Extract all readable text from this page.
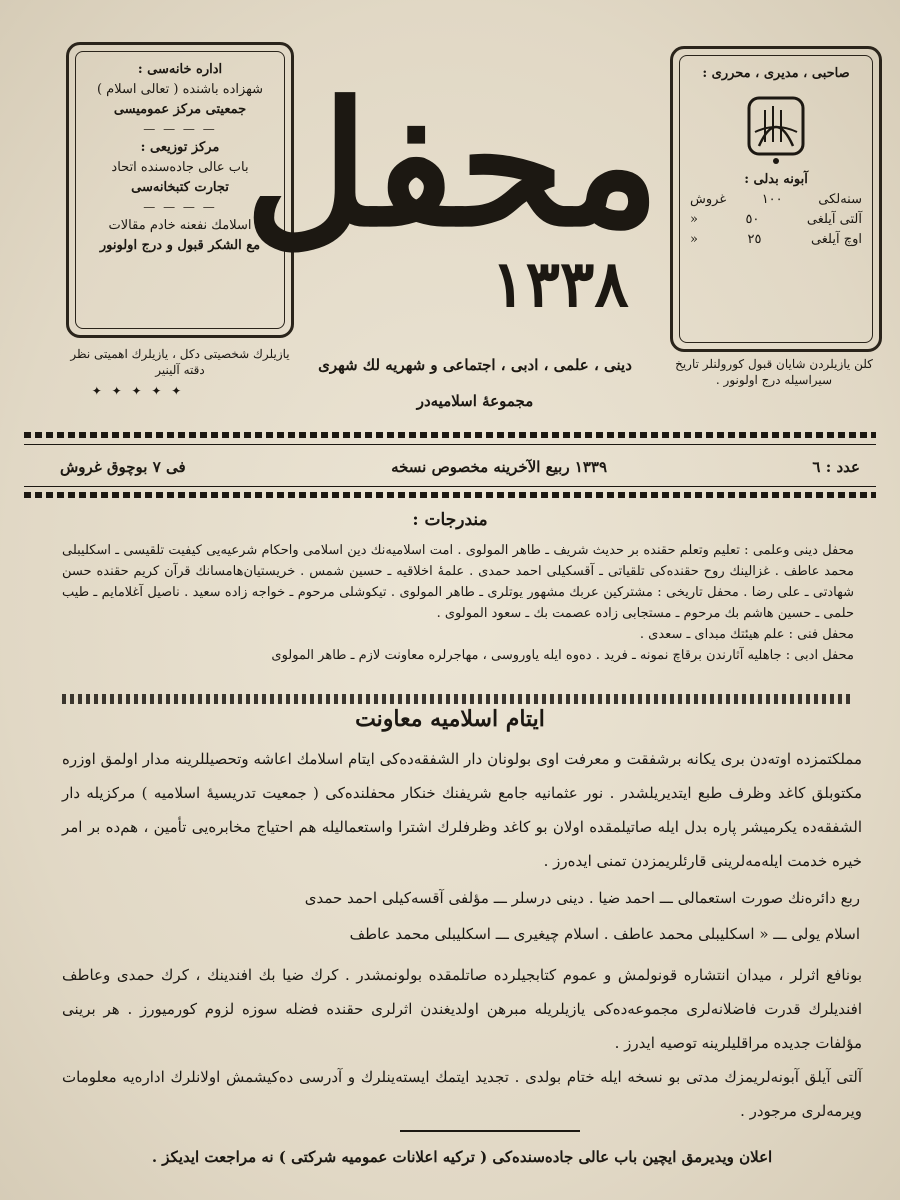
اداره خانه‌سی :

شهزاده باشنده ( تعالی اسلام )

جمعیتی مرکز عمومیسی

— — — —

مرکز توزیعی :

باب عالی جاده‌سنده اتحاد

تجارت کتبخانه‌سی

— — — —

اسلامك نفعنه خادم مقالات

مع الشکر قبول و درج اولونور

محفل
١٣٣٨

صاحبی ، مدیری ، محرری :

آبونه بدلی :

سنه‌لکی
١٠٠
غروش
آلتی آیلغی
٥٠
«
اوچ آیلغی
٢٥
«
یازیلرك شخصیتی دکل ، یازیلرك اهمیتی نظر دقته آلینیر
✦ ✦ ✦ ✦ ✦
کلن یازیلردن شایان قبول کورولنلر تاریخ سیراسیله درج اولونور .
دینی ، علمی ، ادبی ، اجتماعی و شهریه لك شهری
مجموعهٔ اسلامیه‌در
فی ٧ بوچوق غروش	١٣٣٩ ربیع الآخرینه مخصوص نسخه	عدد : ٦
مندرجات :

محفل دینی وعلمی : تعلیم وتعلم حقنده بر حدیث شریف ـ طاهر المولوی . امت اسلامیه‌نك دین اسلامی واحکام شرعیه‌یی کیفیت تلقیسی ـ اسکلیبلی محمد عاطف . غزالینك روح حقنده‌کی تلقیاتی ـ آقسکیلی احمد حمدی . علمهٔ اخلاقیه ـ حسین شمس . خریستیان‌هامسانك قرآن کریم حقنده حسن شهادتی ـ علی رضا . محفل تاریخی : مشترکین عربك مشهور یوتلری ـ طاهر المولوی . تیکوشلی مرحوم ـ خواجه زاده سعید . ناصیل آغلامایم ـ طیب حلمی ـ حسین هاشم بك مرحوم ـ مستجابی زاده عصمت بك ـ سعود المولوی .

محفل فنی : علم هیئتك مبدای ـ سعدی .

محفل ادبی : جاهلیه آثارندن برقاچ نمونه ـ فرید . دەوە ایله یاوروسی ، مهاجرلره معاونت لازم ـ طاهر المولوی

ایتام اسلامیه معاونت

مملکتمزده اوته‌دن بری یکانه برشفقت و معرفت اوی بولونان دار الشفقه‌ده‌کی ایتام اسلامك اعاشه وتحصیللرینه مدار اولمق اوزره مکتوبلق کاغد وظرف طبع ایتدیریلشدر . نور عثمانیه جامع شریفنك خنکار محفلنده‌کی ( جمعیت تدریسیهٔ اسلامیه ) مرکزیله دار الشفقه‌ده یکرمیشر پاره بدل ایله صاتیلمقده اولان بو کاغد وظرفلرك اشترا واستعمالیله هم احتیاج مخابره‌یی تأمین ، هم‌ده بر امر خیره خدمت ایله‌مه‌لرینی قارئلریمزدن تمنی ایده‌رز .

ربع دائره‌نك صورت استعمالی ـــ احمد ضیا . دینی درسلر ـــ مؤلفی آقسه‌کیلی احمد حمدی

اسلام یولی ـــ « اسکلیبلی محمد عاطف . اسلام چیغیری ـــ اسکلیبلی محمد عاطف

بونافع اثرلر ، میدان انتشاره قونولمش و عموم کتابجیلرده صاتلمقده بولونمشدر . کرك ضیا بك افندینك ، کرك حمدی وعاطف افندیلرك قدرت فاضلانه‌لری مجموعه‌ده‌کی یازیلریله مبرهن اولدیغندن اثرلری حقنده فضله سوزه لزوم کورمیورز . هر برینی مؤلفات جدیده مراقلیلرینه توصیه ایدرز .

آلتی آیلق آبونه‌لریمزك مدتی بو نسخه ایله ختام بولدی . تجدید ایتمك ایسته‌ینلرك و آدرسی ده‌کیشمش اولانلرك اداره‌یه معلومات ویرمه‌لری مرجودر .

اعلان ویدیرمق ایچین باب عالی جاده‌سنده‌کی ( ترکیه اعلانات عمومیه شرکتی ) نه مراجعت ایدیکز .
